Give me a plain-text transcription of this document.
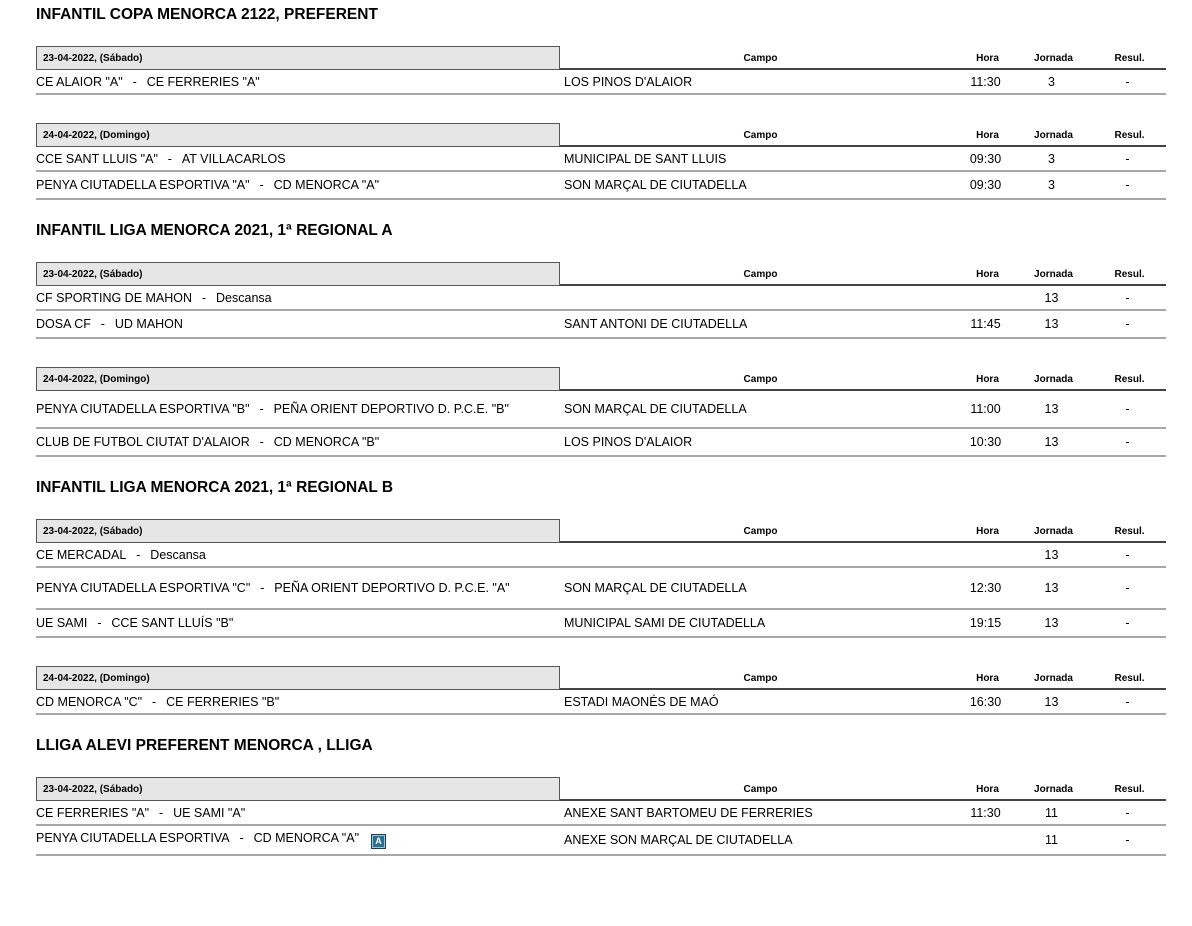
INFANTIL COPA MENORCA 2122, PREFERENT
23-04-2022, (Sábado)	Campo	Hora	Jornada	Resul.

CE ALAIOR "A" - CE FERRERIES "A"	LOS PINOS D'ALAIOR	11:30	3	-
24-04-2022, (Domingo)	Campo	Hora	Jornada	Resul.

CCE SANT LLUIS "A" - AT VILLACARLOS	MUNICIPAL DE SANT LLUIS	09:30	3	-
PENYA CIUTADELLA ESPORTIVA "A" - CD MENORCA "A"	SON MARÇAL DE CIUTADELLA	09:30	3	-
INFANTIL LIGA MENORCA 2021, 1ª REGIONAL A
23-04-2022, (Sábado)	Campo	Hora	Jornada	Resul.

CF SPORTING DE MAHON - Descansa			13	-
DOSA CF - UD MAHON	SANT ANTONI DE CIUTADELLA	11:45	13	-
24-04-2022, (Domingo)	Campo	Hora	Jornada	Resul.

PENYA CIUTADELLA ESPORTIVA "B" - PEÑA ORIENT DEPORTIVO D. P.C.E. "B"	SON MARÇAL DE CIUTADELLA	11:00	13	-
CLUB DE FUTBOL CIUTAT D'ALAIOR - CD MENORCA "B"	LOS PINOS D'ALAIOR	10:30	13	-
INFANTIL LIGA MENORCA 2021, 1ª REGIONAL B
23-04-2022, (Sábado)	Campo	Hora	Jornada	Resul.

CE MERCADAL - Descansa			13	-
PENYA CIUTADELLA ESPORTIVA "C" - PEÑA ORIENT DEPORTIVO D. P.C.E. "A"	SON MARÇAL DE CIUTADELLA	12:30	13	-
UE SAMI - CCE SANT LLUÍS "B"	MUNICIPAL SAMI DE CIUTADELLA	19:15	13	-
24-04-2022, (Domingo)	Campo	Hora	Jornada	Resul.

CD MENORCA "C" - CE FERRERIES "B"	ESTADI MAONÉS DE MAÓ	16:30	13	-
LLIGA ALEVI PREFERENT MENORCA , LLIGA
23-04-2022, (Sábado)	Campo	Hora	Jornada	Resul.

CE FERRERIES "A" - UE SAMI "A"	ANEXE SANT BARTOMEU DE FERRERIES	11:30	11	-
PENYA CIUTADELLA ESPORTIVA - CD MENORCA "A" A	ANEXE SON MARÇAL DE CIUTADELLA		11	-
